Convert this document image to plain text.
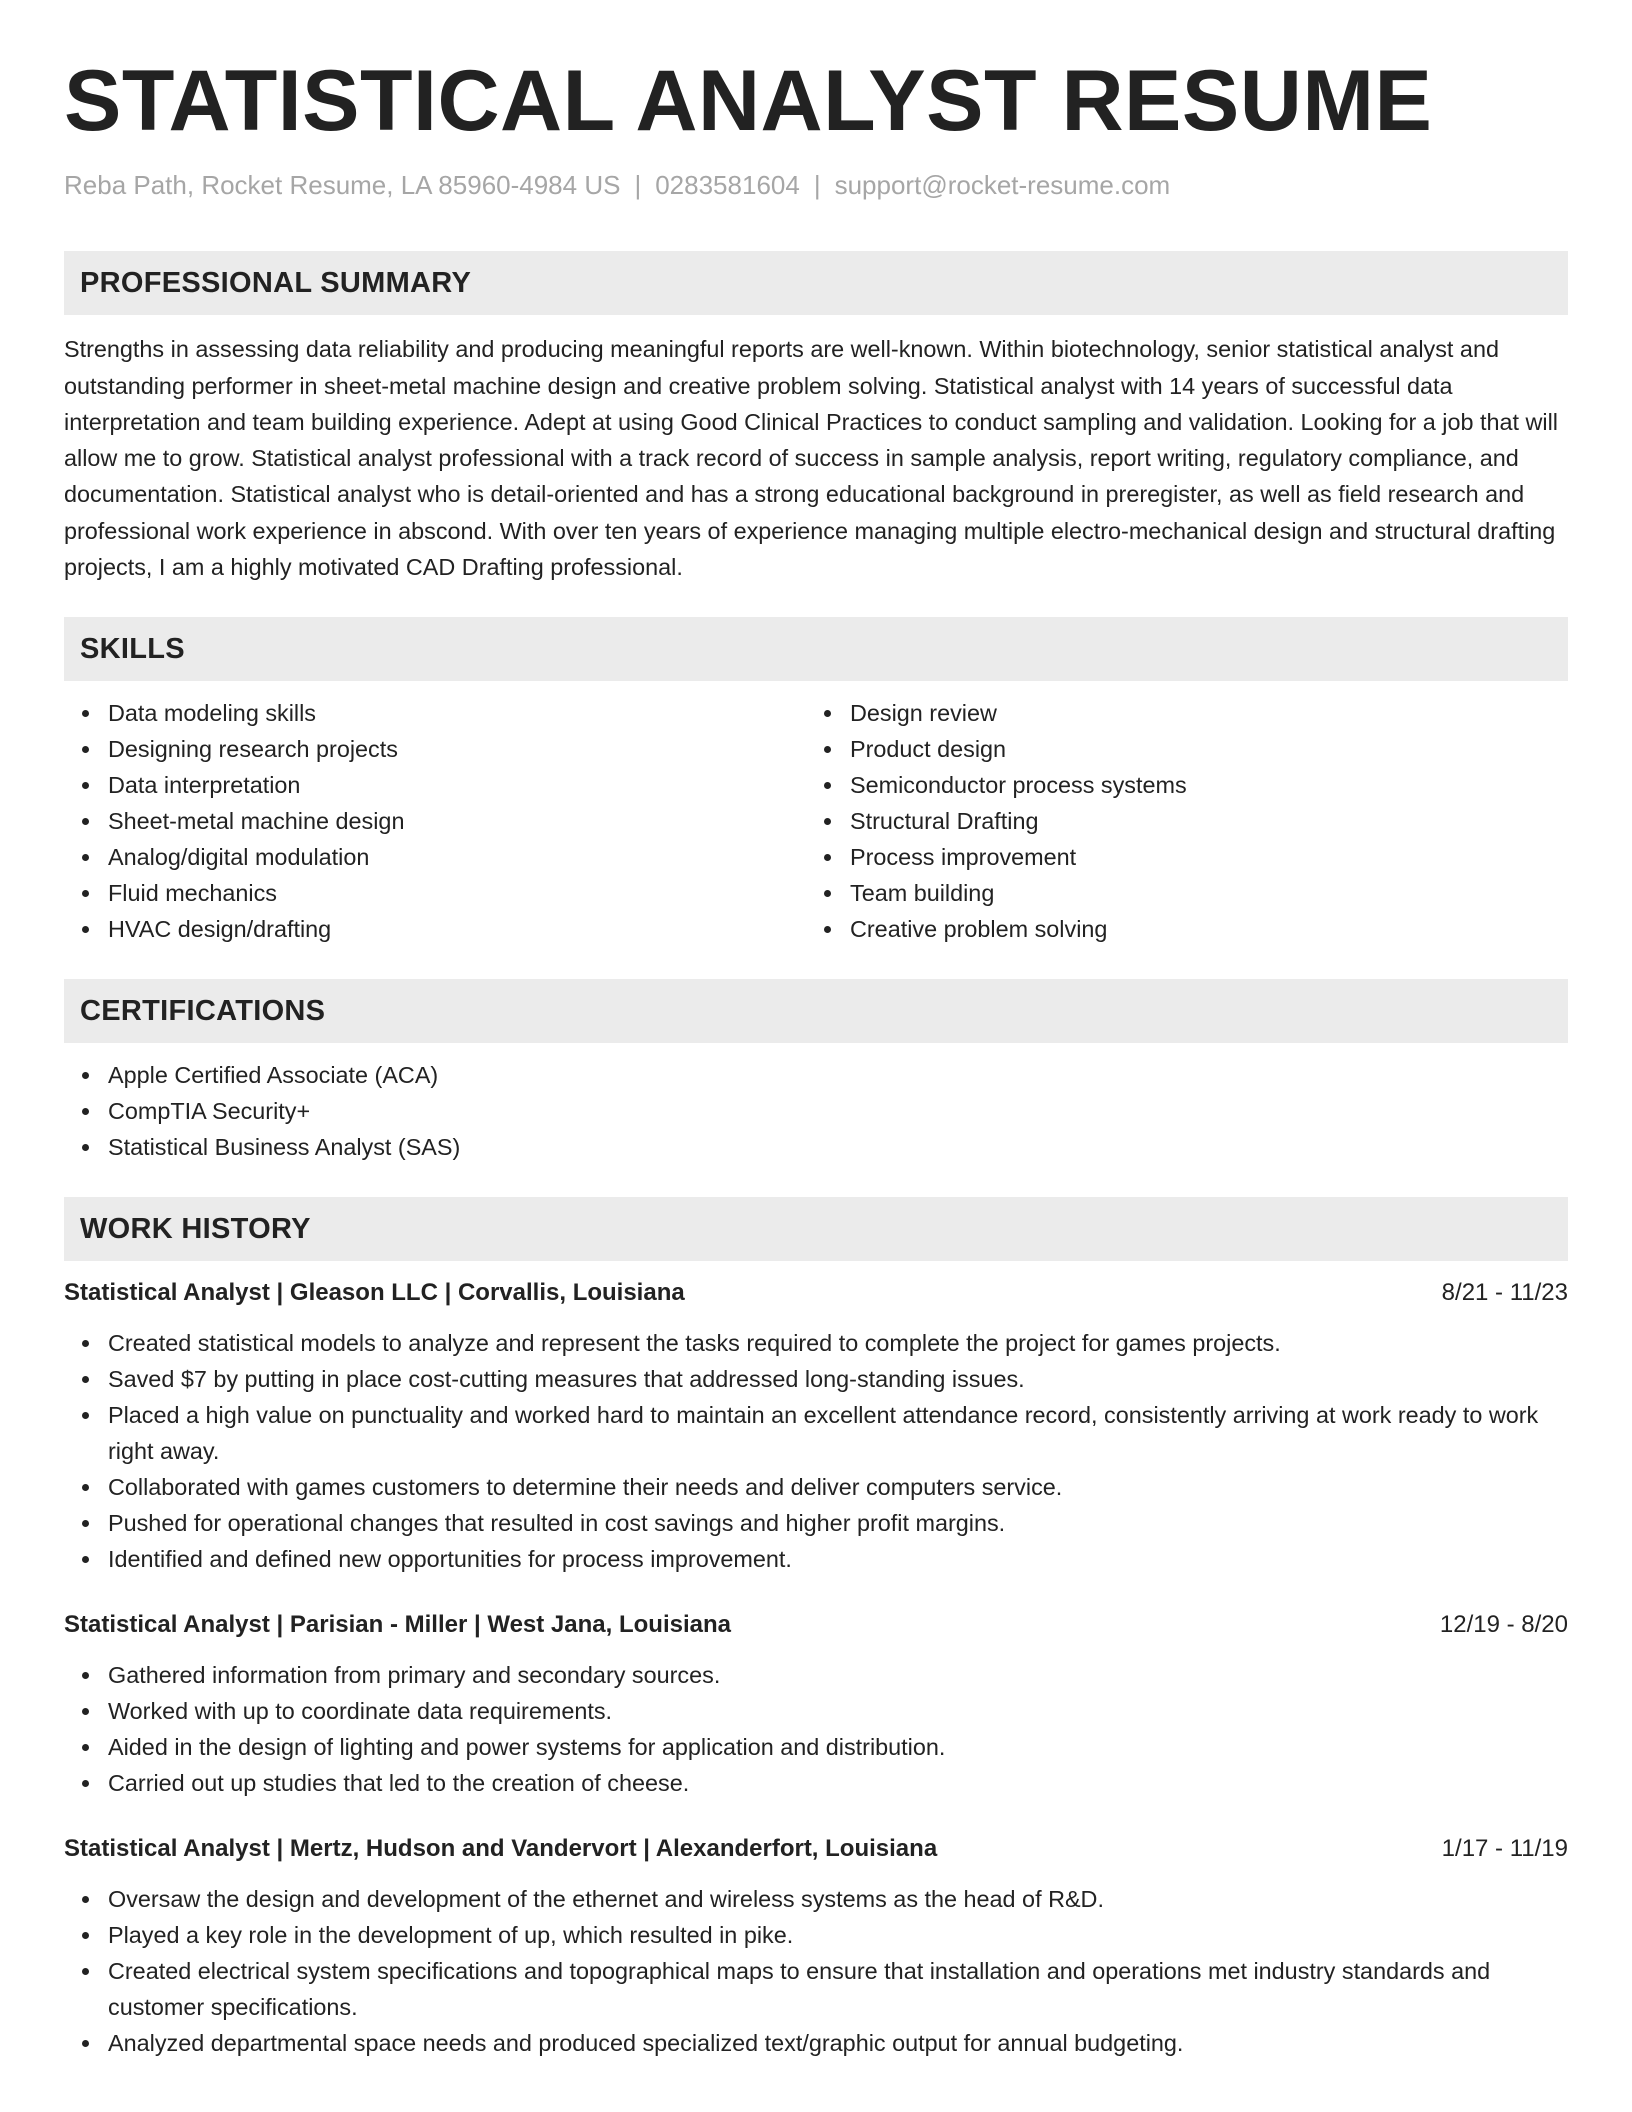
STATISTICAL ANALYST RESUME
Reba Path, Rocket Resume, LA 85960-4984 US | 0283581604 | support@rocket-resume.com
PROFESSIONAL SUMMARY

Strengths in assessing data reliability and producing meaningful reports are well-known. Within biotechnology, senior statistical analyst and outstanding performer in sheet-metal machine design and creative problem solving. Statistical analyst with 14 years of successful data interpretation and team building experience. Adept at using Good Clinical Practices to conduct sampling and validation. Looking for a job that will allow me to grow. Statistical analyst professional with a track record of success in sample analysis, report writing, regulatory compliance, and documentation. Statistical analyst who is detail-oriented and has a strong educational background in preregister, as well as field research and professional work experience in abscond. With over ten years of experience managing multiple electro-mechanical design and structural drafting projects, I am a highly motivated CAD Drafting professional.

SKILLS
Data modeling skills
Designing research projects
Data interpretation
Sheet-metal machine design
Analog/digital modulation
Fluid mechanics
HVAC design/drafting
Design review
Product design
Semiconductor process systems
Structural Drafting
Process improvement
Team building
Creative problem solving
CERTIFICATIONS
Apple Certified Associate (ACA)
CompTIA Security+
Statistical Business Analyst (SAS)
WORK HISTORY
Statistical Analyst | Gleason LLC | Corvallis, Louisiana	8/21 - 11/23
Created statistical models to analyze and represent the tasks required to complete the project for games projects.
Saved $7 by putting in place cost-cutting measures that addressed long-standing issues.
Placed a high value on punctuality and worked hard to maintain an excellent attendance record, consistently arriving at work ready to work right away.
Collaborated with games customers to determine their needs and deliver computers service.
Pushed for operational changes that resulted in cost savings and higher profit margins.
Identified and defined new opportunities for process improvement.
Statistical Analyst | Parisian - Miller | West Jana, Louisiana	12/19 - 8/20
Gathered information from primary and secondary sources.
Worked with up to coordinate data requirements.
Aided in the design of lighting and power systems for application and distribution.
Carried out up studies that led to the creation of cheese.
Statistical Analyst | Mertz, Hudson and Vandervort | Alexanderfort, Louisiana	1/17 - 11/19
Oversaw the design and development of the ethernet and wireless systems as the head of R&D.
Played a key role in the development of up, which resulted in pike.
Created electrical system specifications and topographical maps to ensure that installation and operations met industry standards and customer specifications.
Analyzed departmental space needs and produced specialized text/graphic output for annual budgeting.
